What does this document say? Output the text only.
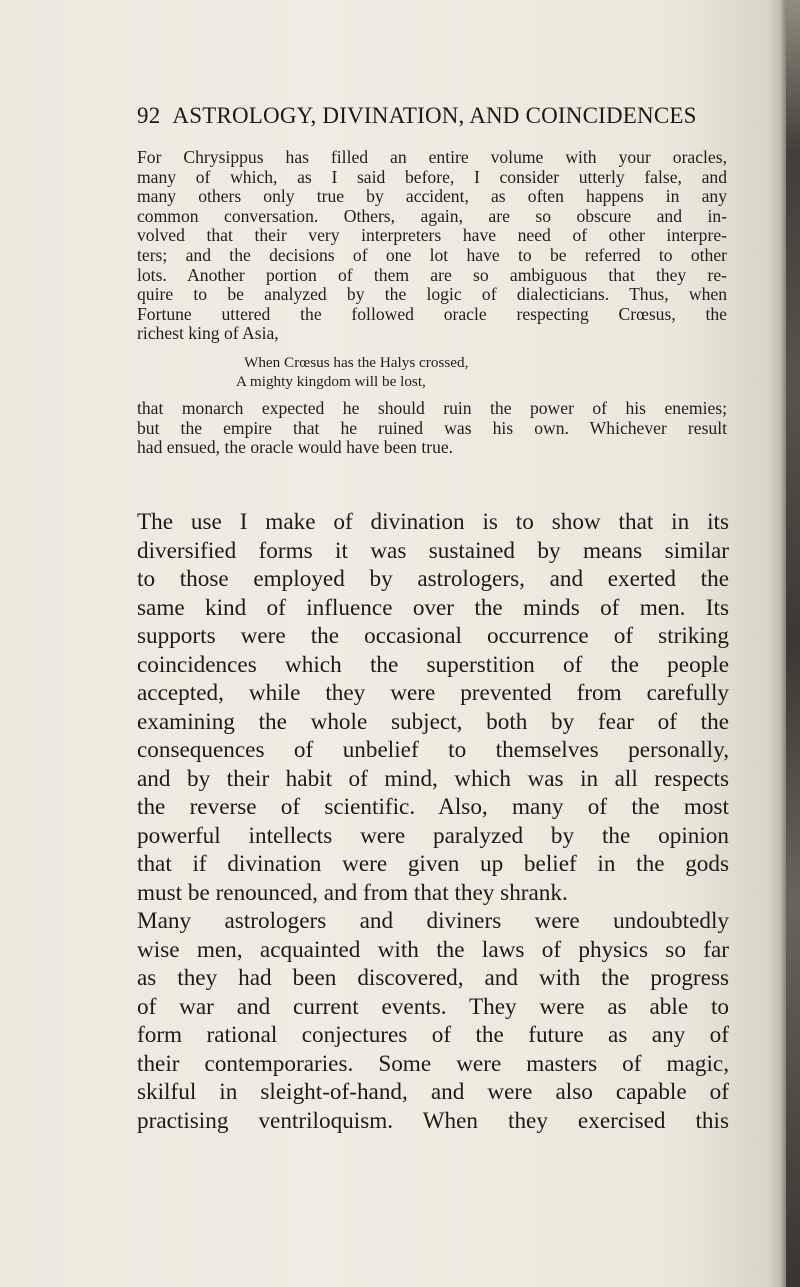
92 ASTROLOGY, DIVINATION, AND COINCIDENCES
For Chrysippus has filled an entire volume with your oracles,
many of which, as I said before, I consider utterly false, and
many others only true by accident, as often happens in any
common conversation. Others, again, are so obscure and in-
volved that their very interpreters have need of other interpre-
ters; and the decisions of one lot have to be referred to other
lots. Another portion of them are so ambiguous that they re-
quire to be analyzed by the logic of dialecticians. Thus, when
Fortune uttered the followed oracle respecting Crœsus, the
richest king of Asia,
When Crœsus has the Halys crossed,
A mighty kingdom will be lost,
that monarch expected he should ruin the power of his enemies;
but the empire that he ruined was his own. Whichever result
had ensued, the oracle would have been true.
The use I make of divination is to show that in its
diversified forms it was sustained by means similar
to those employed by astrologers, and exerted the
same kind of influence over the minds of men. Its
supports were the occasional occurrence of striking
coincidences which the superstition of the people
accepted, while they were prevented from carefully
examining the whole subject, both by fear of the
consequences of unbelief to themselves personally,
and by their habit of mind, which was in all respects
the reverse of scientific. Also, many of the most
powerful intellects were paralyzed by the opinion
that if divination were given up belief in the gods
must be renounced, and from that they shrank.
Many astrologers and diviners were undoubtedly
wise men, acquainted with the laws of physics so far
as they had been discovered, and with the progress
of war and current events. They were as able to
form rational conjectures of the future as any of
their contemporaries. Some were masters of magic,
skilful in sleight-of-hand, and were also capable of
practising ventriloquism. When they exercised this
